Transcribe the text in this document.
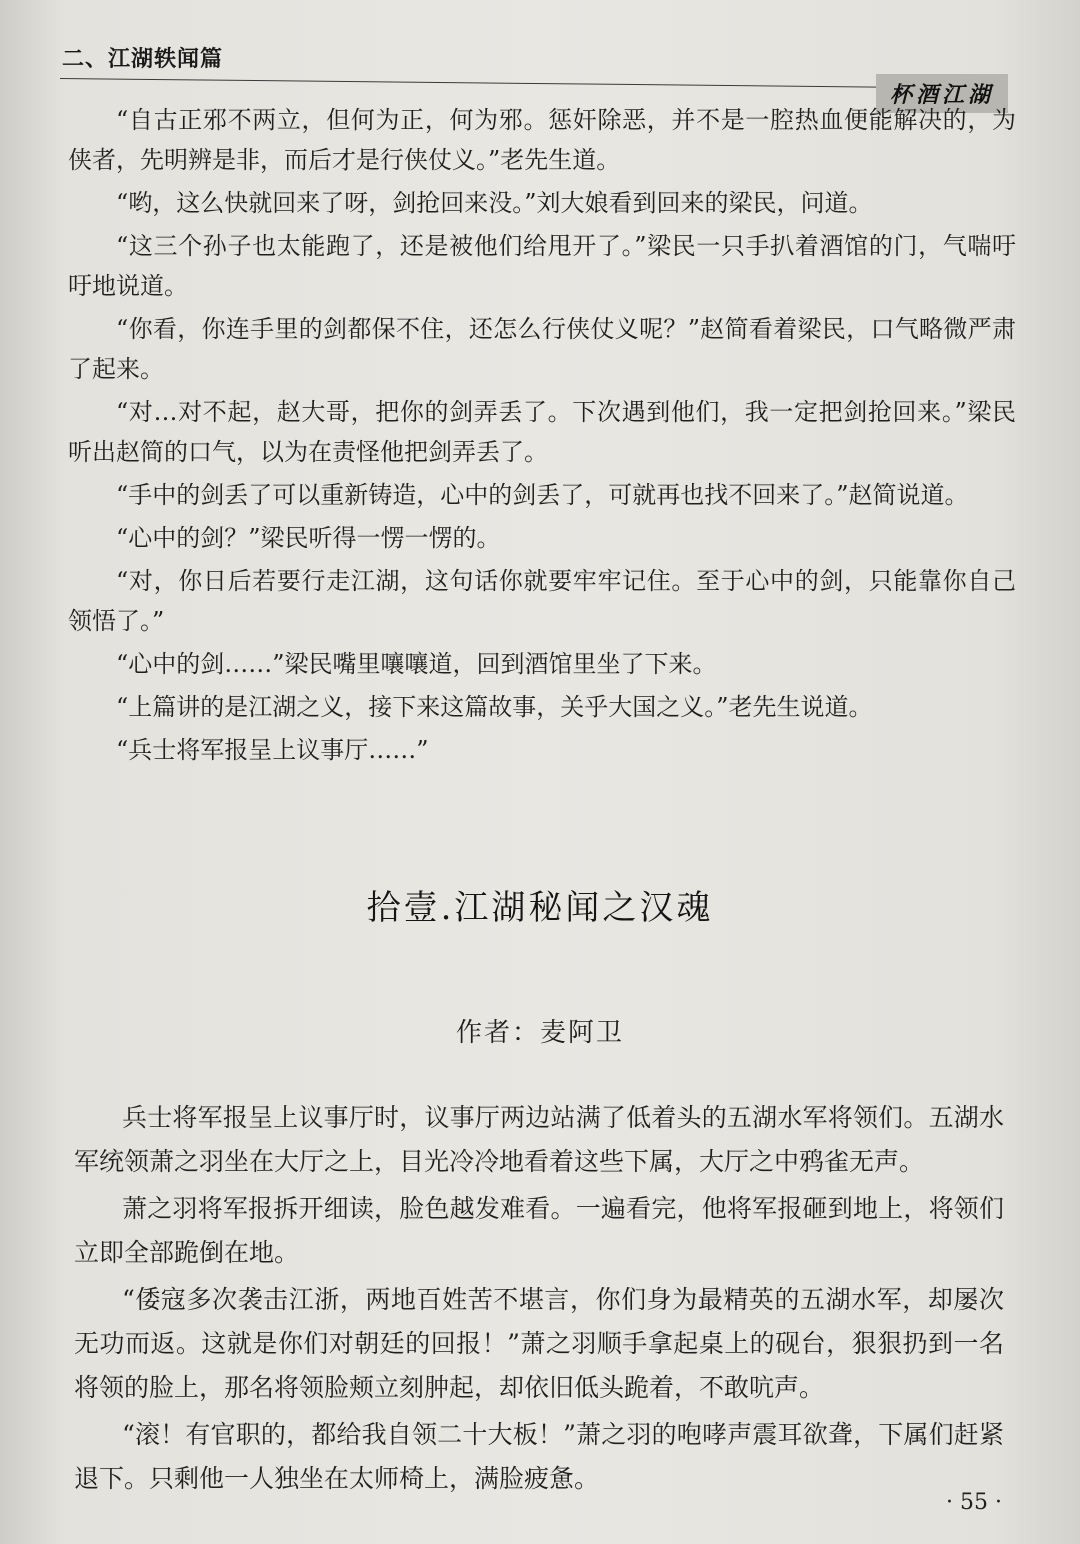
二、江湖轶闻篇
杯酒江湖

“自古正邪不两立，但何为正，何为邪。惩奸除恶，并不是一腔热血便能解决的，为侠者，先明辨是非，而后才是行侠仗义。”老先生道。

“哟，这么快就回来了呀，剑抢回来没。”刘大娘看到回来的梁民，问道。

“这三个孙子也太能跑了，还是被他们给甩开了。”梁民一只手扒着酒馆的门，气喘吁吁地说道。

“你看，你连手里的剑都保不住，还怎么行侠仗义呢？”赵简看着梁民，口气略微严肃了起来。

“对…对不起，赵大哥，把你的剑弄丢了。下次遇到他们，我一定把剑抢回来。”梁民听出赵简的口气，以为在责怪他把剑弄丢了。

“手中的剑丢了可以重新铸造，心中的剑丢了，可就再也找不回来了。”赵简说道。

“心中的剑？”梁民听得一愣一愣的。

“对，你日后若要行走江湖，这句话你就要牢牢记住。至于心中的剑，只能靠你自己领悟了。”

“心中的剑……”梁民嘴里嚷嚷道，回到酒馆里坐了下来。

“上篇讲的是江湖之义，接下来这篇故事，关乎大国之义。”老先生说道。

“兵士将军报呈上议事厅……”

拾壹.江湖秘闻之汉魂
作者：麦阿卫

兵士将军报呈上议事厅时，议事厅两边站满了低着头的五湖水军将领们。五湖水军统领萧之羽坐在大厅之上，目光冷冷地看着这些下属，大厅之中鸦雀无声。

萧之羽将军报拆开细读，脸色越发难看。一遍看完，他将军报砸到地上，将领们立即全部跪倒在地。

“倭寇多次袭击江浙，两地百姓苦不堪言，你们身为最精英的五湖水军，却屡次无功而返。这就是你们对朝廷的回报！”萧之羽顺手拿起桌上的砚台，狠狠扔到一名将领的脸上，那名将领脸颊立刻肿起，却依旧低头跪着，不敢吭声。

“滚！有官职的，都给我自领二十大板！”萧之羽的咆哮声震耳欲聋，下属们赶紧退下。只剩他一人独坐在太师椅上，满脸疲惫。

· 55 ·
